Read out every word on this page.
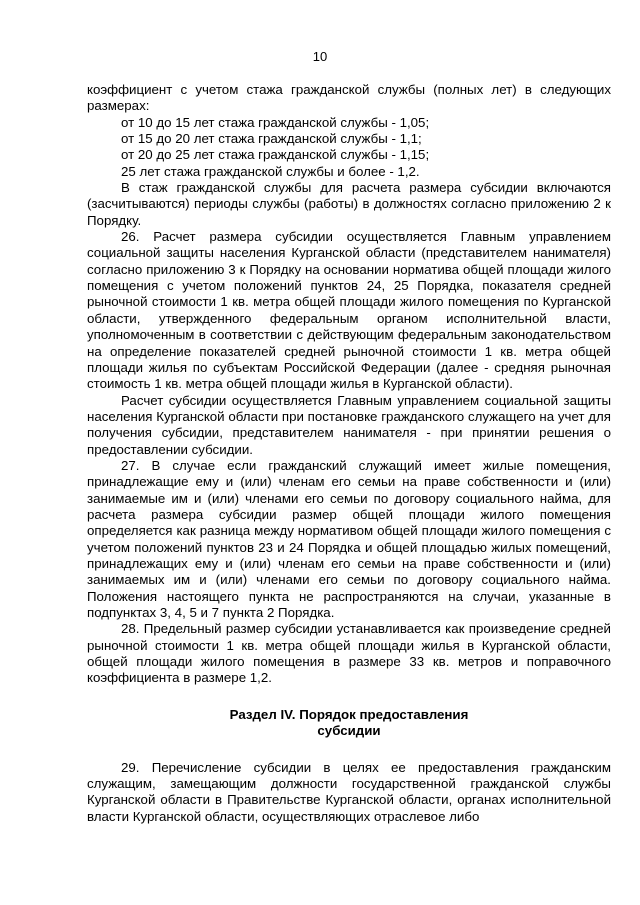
10

коэффициент с учетом стажа гражданской службы (полных лет) в следующих размерах:

от 10 до 15 лет стажа гражданской службы - 1,05;

от 15 до 20 лет стажа гражданской службы - 1,1;

от 20 до 25 лет стажа гражданской службы - 1,15;

25 лет стажа гражданской службы и более - 1,2.

В стаж гражданской службы для расчета размера субсидии включаются (засчитываются) периоды службы (работы) в должностях согласно приложению 2 к Порядку.

26. Расчет размера субсидии осуществляется Главным управлением социальной защиты населения Курганской области (представителем нанимателя) согласно приложению 3 к Порядку на основании норматива общей площади жилого помещения с учетом положений пунктов 24, 25 Порядка, показателя средней рыночной стоимости 1 кв. метра общей площади жилого помещения по Курганской области, утвержденного федеральным органом исполнительной власти, уполномоченным в соответствии с действующим федеральным законодательством на определение показателей средней рыночной стоимости 1 кв. метра общей площади жилья по субъектам Российской Федерации (далее - средняя рыночная стоимость 1 кв. метра общей площади жилья в Курганской области).

Расчет субсидии осуществляется Главным управлением социальной защиты населения Курганской области при постановке гражданского служащего на учет для получения субсидии, представителем нанимателя - при принятии решения о предоставлении субсидии.

27. В случае если гражданский служащий имеет жилые помещения, принадлежащие ему и (или) членам его семьи на праве собственности и (или) занимаемые им и (или) членами его семьи по договору социального найма, для расчета размера субсидии размер общей площади жилого помещения определяется как разница между нормативом общей площади жилого помещения с учетом положений пунктов 23 и 24 Порядка и общей площадью жилых помещений, принадлежащих ему и (или) членам его семьи на праве собственности и (или) занимаемых им и (или) членами его семьи по договору социального найма. Положения настоящего пункта не распространяются на случаи, указанные в подпунктах 3, 4, 5 и 7 пункта 2 Порядка.

28. Предельный размер субсидии устанавливается как произведение средней рыночной стоимости 1 кв. метра общей площади жилья в Курганской области, общей площади жилого помещения в размере 33 кв. метров и поправочного коэффициента в размере 1,2.

Раздел IV. Порядок предоставления
субсидии

29. Перечисление субсидии в целях ее предоставления гражданским служащим, замещающим должности государственной гражданской службы Курганской области в Правительстве Курганской области, органах исполнительной власти Курганской области, осуществляющих отраслевое либо
